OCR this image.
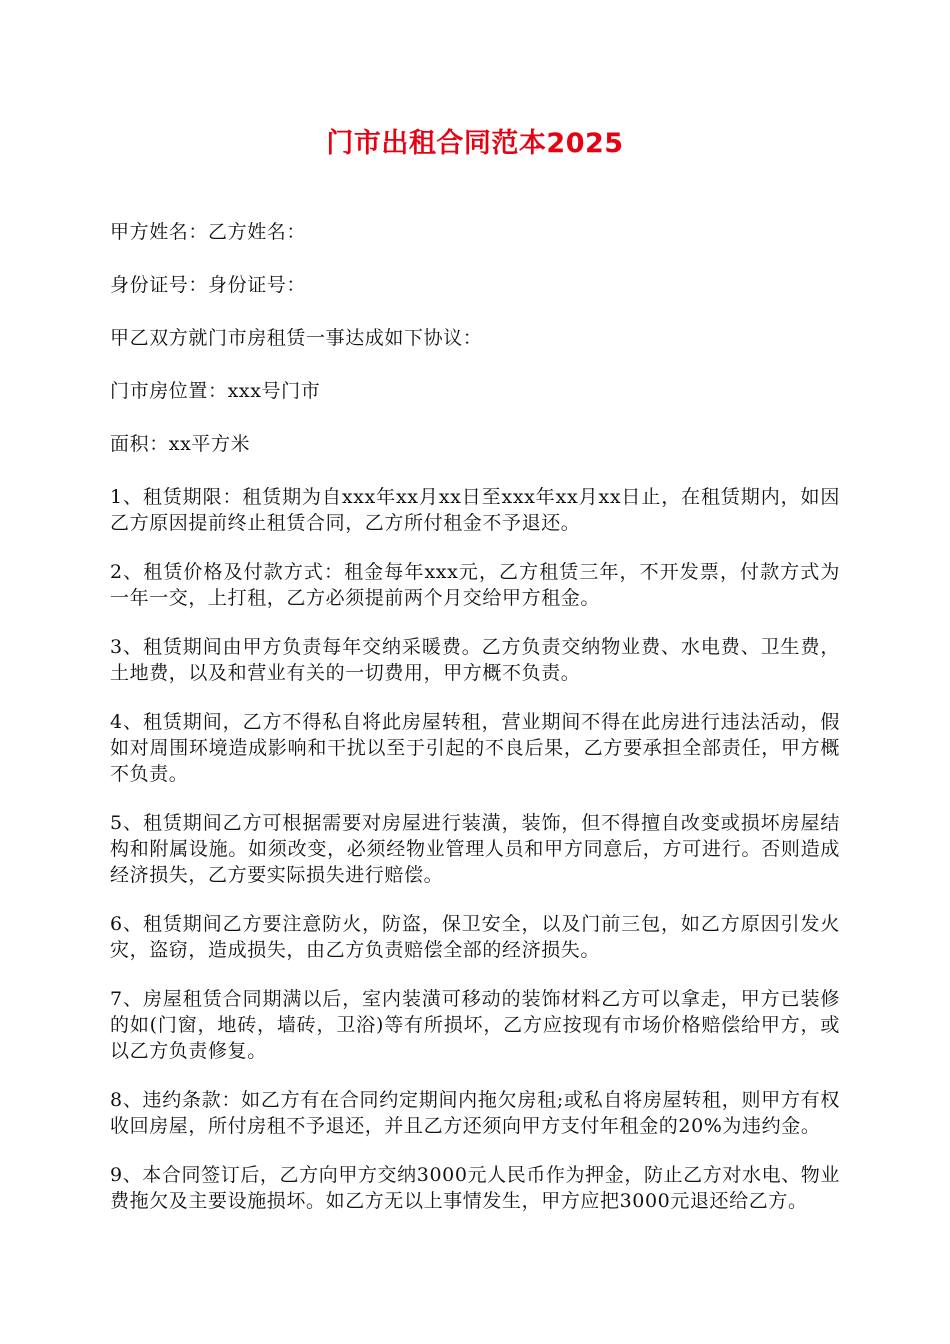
门市出租合同范本2025

甲方姓名：乙方姓名：

身份证号：身份证号：

甲乙双方就门市房租赁一事达成如下协议：

门市房位置：xxx号门市

面积：xx平方米

1、租赁期限：租赁期为自xxx年xx月xx日至xxx年xx月xx日止，在租赁期内，如因乙方原因提前终止租赁合同，乙方所付租金不予退还。

2、租赁价格及付款方式：租金每年xxx元，乙方租赁三年，不开发票，付款方式为一年一交，上打租，乙方必须提前两个月交给甲方租金。

3、租赁期间由甲方负责每年交纳采暖费。乙方负责交纳物业费、水电费、卫生费，土地费，以及和营业有关的一切费用，甲方概不负责。

4、租赁期间，乙方不得私自将此房屋转租，营业期间不得在此房进行违法活动，假如对周围环境造成影响和干扰以至于引起的不良后果，乙方要承担全部责任，甲方概不负责。

5、租赁期间乙方可根据需要对房屋进行装潢，装饰，但不得擅自改变或损坏房屋结构和附属设施。如须改变，必须经物业管理人员和甲方同意后，方可进行。否则造成经济损失，乙方要实际损失进行赔偿。

6、租赁期间乙方要注意防火，防盗，保卫安全，以及门前三包，如乙方原因引发火灾，盗窃，造成损失，由乙方负责赔偿全部的经济损失。

7、房屋租赁合同期满以后，室内装潢可移动的装饰材料乙方可以拿走，甲方已装修的如(门窗，地砖，墙砖，卫浴)等有所损坏，乙方应按现有市场价格赔偿给甲方，或以乙方负责修复。

8、违约条款：如乙方有在合同约定期间内拖欠房租;或私自将房屋转租，则甲方有权收回房屋，所付房租不予退还，并且乙方还须向甲方支付年租金的20%为违约金。

9、本合同签订后，乙方向甲方交纳3000元人民币作为押金，防止乙方对水电、物业费拖欠及主要设施损坏。如乙方无以上事情发生，甲方应把3000元退还给乙方。
